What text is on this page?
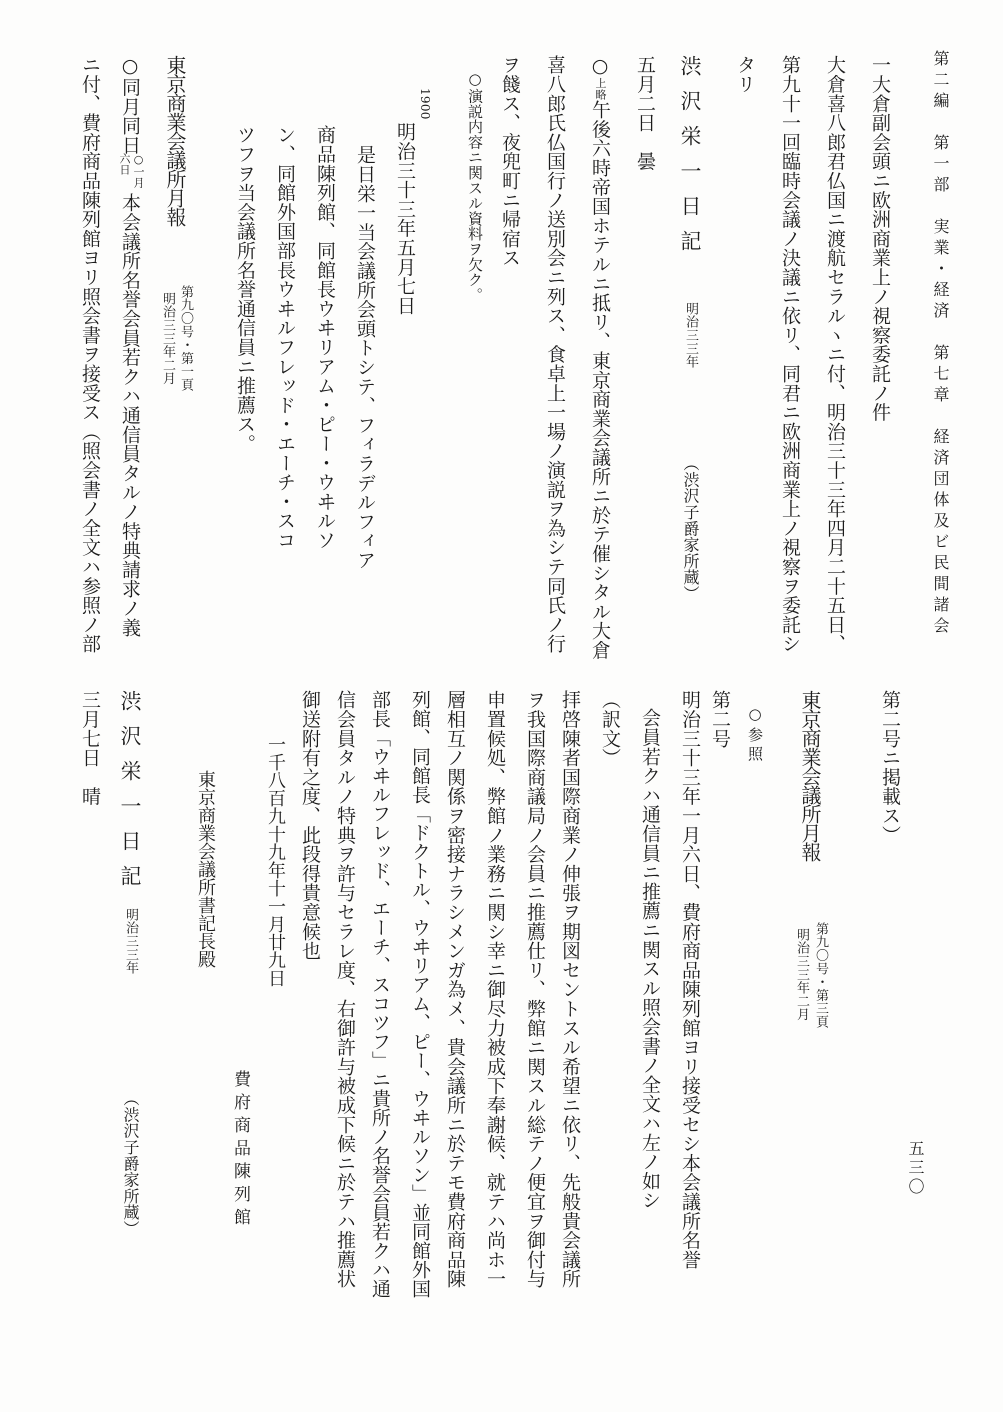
第二編　第一部　実業・経済　第七章　経済団体及ビ民間諸会
一大倉副会頭ニ欧洲商業上ノ視察委託ノ件
大倉喜八郎君仏国ニ渡航セラルヽニ付、明治三十三年四月二十五日、
第九十一回臨時会議ノ決議ニ依リ、同君ニ欧洲商業上ノ視察ヲ委託シ
タリ
渋沢栄一日記
明治三三年
（渋沢子爵家所蔵）
五月二日　曇
○上略午後六時帝国ホテルニ抵リ、東京商業会議所ニ於テ催シタル大倉
喜八郎氏仏国行ノ送別会ニ列ス、食卓上一場ノ演説ヲ為シテ同氏ノ行
ヲ餞ス、夜兜町ニ帰宿ス
○演説内容ニ関スル資料ヲ欠ク。
1900
明治三十三年五月七日
是日栄一当会議所会頭トシテ、フィラデルフィア
商品陳列館、同館長ウヰリアム・ピー・ウヰルソ
ン、同館外国部長ウヰルフレッド・エーチ・スコ
ツフヲ当会議所名誉通信員ニ推薦ス。
東京商業会議所月報
第九〇号・第一頁
明治三三年二月
○同月同日
○一月
六日
本会議所名誉会員若クハ通信員タルノ特典請求ノ義
ニ付、費府商品陳列館ヨリ照会書ヲ接受ス（照会書ノ全文ハ参照ノ部
第二号ニ掲載ス）
五三〇
東京商業会議所月報
第九〇号・第三頁
明治三三年二月
○参照
第二号
明治三十三年一月六日、費府商品陳列館ヨリ接受セシ本会議所名誉
会員若クハ通信員ニ推薦ニ関スル照会書ノ全文ハ左ノ如シ
（訳文）
拝啓陳者国際商業ノ伸張ヲ期図セントスル希望ニ依リ、先般貴会議所
ヲ我国際商議局ノ会員ニ推薦仕リ、弊館ニ関スル総テノ便宜ヲ御付与
申置候処、弊館ノ業務ニ関シ幸ニ御尽力被成下奉謝候、就テハ尚ホ一
層相互ノ関係ヲ密接ナラシメンガ為メ、貴会議所ニ於テモ費府商品陳
列館、同館長「ドクトル、ウヰリアム、ピー、ウヰルソン」並同館外国
部長「ウヰルフレッド、エーチ、スコツフ」ニ貴所ノ名誉会員若クハ通
信会員タルノ特典ヲ許与セラレ度、右御許与被成下候ニ於テハ推薦状
御送附有之度、此段得貴意候也
一千八百九十九年十一月廿九日
費府商品陳列館
東京商業会議所書記長殿
渋沢栄一日記
明治三三年
（渋沢子爵家所蔵）
三月七日　晴
